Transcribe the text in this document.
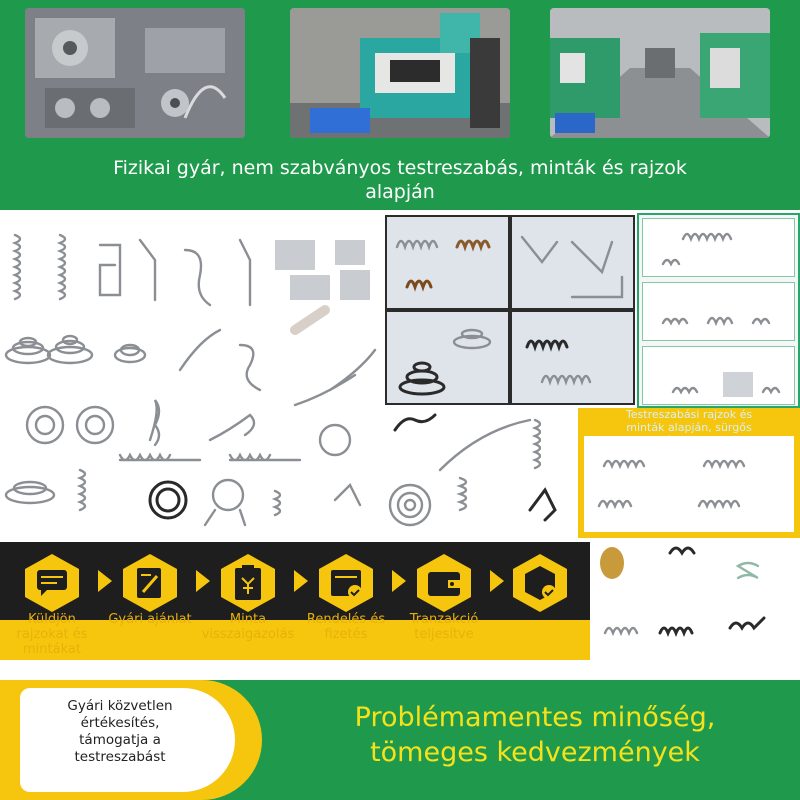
Fizikai gyár, nem szabványos testreszabás, minták és rajzok
alapján
Testreszabási rajzok és
minták alapján, sürgős
Küldjön rajzokat és mintákat
Gyári ajánlat	Minta visszaigazolás
Rendelés és fizetés
Tranzakció teljesítve
Gyári közvetlen
értékesítés,
támogatja a
testreszabást
Problémamentes minőség,
tömeges kedvezmények
